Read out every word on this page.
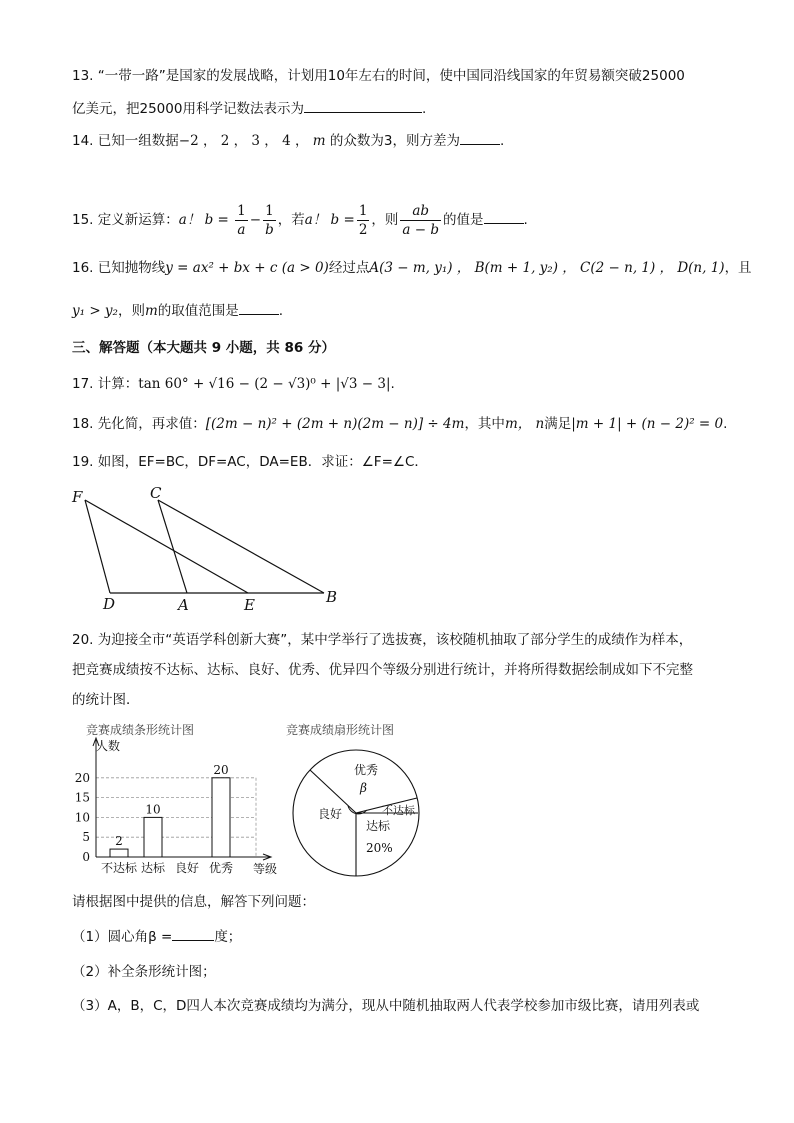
13. “一带一路”是国家的发展战略，计划用10年左右的时间，使中国同沿线国家的年贸易额突破25000
亿美元，把25000用科学记数法表示为	.
14. 已知一组数据−2 ， 2 ， 3 ， 4 ， m 的众数为3，则方差为	.
15. 定义新运算：a！ $b = \frac{1}{a} - \frac{1}{b}$ ，若a！ $b = \frac{1}{2}$ ，则 $\frac{ab}{a - b}$ 的值是	.
16. 已知抛物线y = ax² + bx + c (a > 0)经过点A(3 − m, y₁) ， B(m + 1, y₂) ， C(2 − n, 1) ， D(n, 1)，且
y₁ > y₂，则m的取值范围是	.
三、解答题（本大题共 9 小题，共 86 分）
17. 计算：tan 60° + √16 − (2 − √3)⁰ + |√3 − 3|.
18. 先化简，再求值：[(2m − n)² + (2m + n)(2m − n)] ÷ 4m，其中m， n满足|m + 1| + (n − 2)² = 0.
19. 如图，EF=BC，DF=AC，DA=EB．求证：∠F=∠C．
F	C
D	A	E	B
20. 为迎接全市“英语学科创新大赛”，某中学举行了选拔赛，该校随机抽取了部分学生的成绩作为样本，
把竞赛成绩按不达标、达标、良好、优秀、优异四个等级分别进行统计，并将所得数据绘制成如下不完整
的统计图．
竞赛成绩条形统计图
人数
0
5
10
15
20
2
不达标
10
达标 良好
20
优秀 等级
竞赛成绩扇形统计图
优秀
β
良好
达标
20%
不达标
请根据图中提供的信息，解答下列问题：
（1）圆心角β =	度；
（2）补全条形统计图；
（3）A，B，C，D四人本次竞赛成绩均为满分，现从中随机抽取两人代表学校参加市级比赛，请用列表或
